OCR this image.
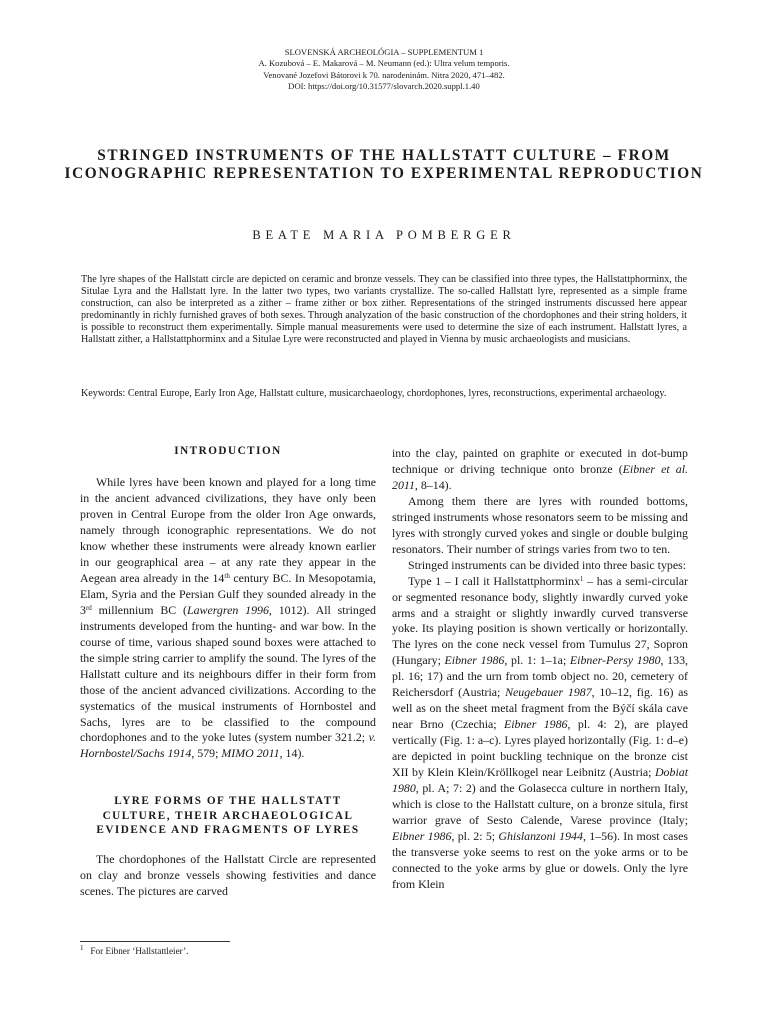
SLOVENSKÁ ARCHEOLÓGIA – SUPPLEMENTUM 1
A. Kozubová – E. Makarová – M. Neumann (ed.): Ultra velum temporis.
Venované Jozefovi Bátorovi k 70. narodeninám. Nitra 2020, 471–482.
DOI: https://doi.org/10.31577/slovarch.2020.suppl.1.40
STRINGED INSTRUMENTS OF THE HALLSTATT CULTURE – FROM ICONOGRAPHIC REPRESENTATION TO EXPERIMENTAL REPRODUCTION
BEATE MARIA POMBERGER
The lyre shapes of the Hallstatt circle are depicted on ceramic and bronze vessels. They can be classified into three types, the Hallstattphorminx, the Situlae Lyra and the Hallstatt lyre. In the latter two types, two variants crystallize. The so-called Hallstatt lyre, represented as a simple frame construction, can also be interpreted as a zither – frame zither or box zither. Representations of the stringed instruments discussed here appear predominantly in richly furnished graves of both sexes. Through analyzation of the basic construction of the chordophones and their string holders, it is possible to reconstruct them experimentally. Simple manual measurements were used to determine the size of each instrument. Hallstatt lyres, a Hallstatt zither, a Hallstattphorminx and a Situlae Lyre were reconstructed and played in Vienna by music archaeologists and musicians.
Keywords: Central Europe, Early Iron Age, Hallstatt culture, musicarchaeology, chordophones, lyres, reconstructions, experimental archaeology.
INTRODUCTION

While lyres have been known and played for a long time in the ancient advanced civilizations, they have only been proven in Central Europe from the older Iron Age onwards, namely through iconographic representations. We do not know whether these instruments were already known earlier in our geographical area – at any rate they appear in the Aegean area already in the 14th century BC. In Mesopotamia, Elam, Syria and the Persian Gulf they sounded already in the 3rd millennium BC (Lawergren 1996, 1012). All stringed instruments developed from the hunting- and war bow. In the course of time, various shaped sound boxes were attached to the simple string carrier to amplify the sound. The lyres of the Hallstatt culture and its neighbours differ in their form from those of the ancient advanced civilizations. According to the systematics of the musical instruments of Hornbostel and Sachs, lyres are to be classified to the compound chordophones and to the yoke lutes (system number 321.2; v. Hornbostel/Sachs 1914, 579; MIMO 2011, 14).

LYRE FORMS OF THE HALLSTATT
CULTURE, THEIR ARCHAEOLOGICAL
EVIDENCE AND FRAGMENTS OF LYRES

The chordophones of the Hallstatt Circle are represented on clay and bronze vessels showing festivities and dance scenes. The pictures are carved

into the clay, painted on graphite or executed in dot-bump technique or driving technique onto bronze (Eibner et al. 2011, 8–14).

Among them there are lyres with rounded bottoms, stringed instruments whose resonators seem to be missing and lyres with strongly curved yokes and single or double bulging resonators. Their number of strings varies from two to ten.

Stringed instruments can be divided into three basic types:

Type 1 – I call it Hallstattphorminx$^1$ – has a semi-circular or segmented resonance body, slightly inwardly curved yoke arms and a straight or slightly inwardly curved transverse yoke. Its playing position is shown vertically or horizontally. The lyres on the cone neck vessel from Tumulus 27, Sopron (Hungary; Eibner 1986, pl. 1: 1–1a; Eibner-Persy 1980, 133, pl. 16; 17) and the urn from tomb object no. 20, cemetery of Reichersdorf (Austria; Neugebauer 1987, 10–12, fig. 16) as well as on the sheet metal fragment from the Býčí skála cave near Brno (Czechia; Eibner 1986, pl. 4: 2), are played vertically (Fig. 1: a–c). Lyres played horizontally (Fig. 1: d–e) are depicted in point buckling technique on the bronze cist XII by Klein Klein/Kröllkogel near Leibnitz (Austria; Dobiat 1980, pl. A; 7: 2) and the Golasecca culture in northern Italy, which is close to the Hallstatt culture, on a bronze situla, first warrior grave of Sesto Calende, Varese province (Italy; Eibner 1986, pl. 2: 5; Ghislanzoni 1944, 1–56). In most cases the transverse yoke seems to rest on the yoke arms or to be connected to the yoke arms by glue or dowels. Only the lyre from Klein

$^1$ For Eibner ‘Hallstattleier’.
